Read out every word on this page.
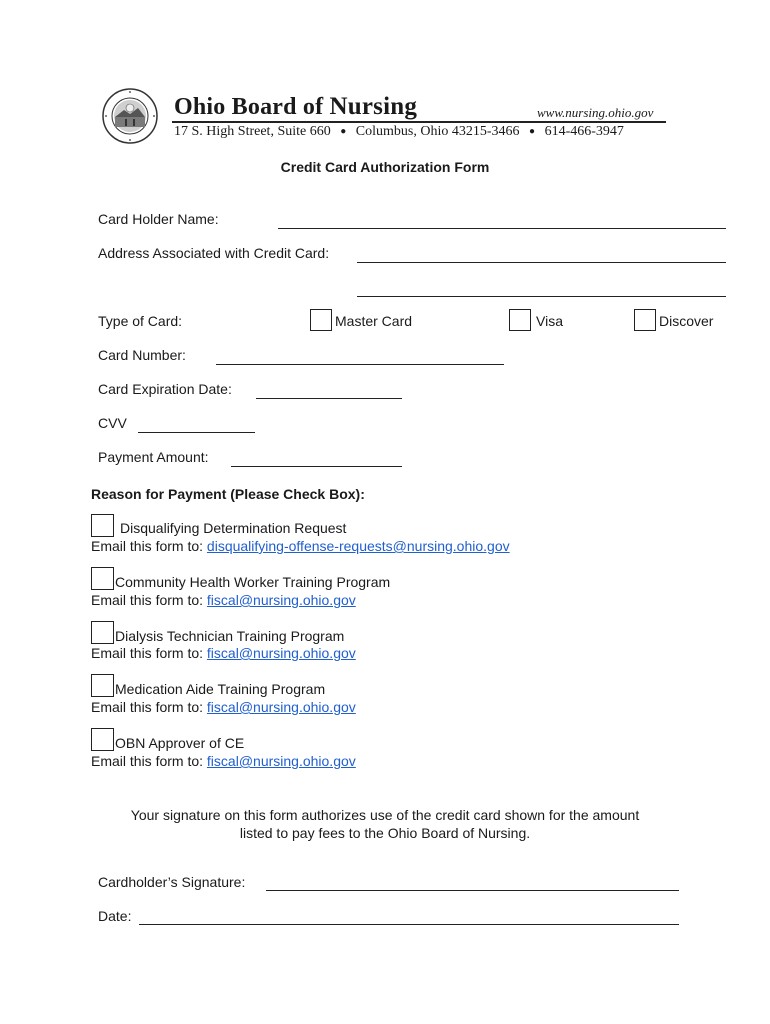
Ohio Board of Nursing	www.nursing.ohio.gov
17 S. High Street, Suite 660 ● Columbus, Ohio 43215-3466 ● 614-466-3947
Credit Card Authorization Form
Card Holder Name:
Address Associated with Credit Card:
Type of Card:	Master Card	Visa	Discover
Card Number:
Card Expiration Date:
CVV
Payment Amount:
Reason for Payment (Please Check Box):
Disqualifying Determination Request
Email this form to: disqualifying-offense-requests@nursing.ohio.gov
Community Health Worker Training Program
Email this form to: fiscal@nursing.ohio.gov
Dialysis Technician Training Program
Email this form to: fiscal@nursing.ohio.gov
Medication Aide Training Program
Email this form to: fiscal@nursing.ohio.gov
OBN Approver of CE
Email this form to: fiscal@nursing.ohio.gov
Your signature on this form authorizes use of the credit card shown for the amount
listed to pay fees to the Ohio Board of Nursing.
Cardholder’s Signature:
Date:
